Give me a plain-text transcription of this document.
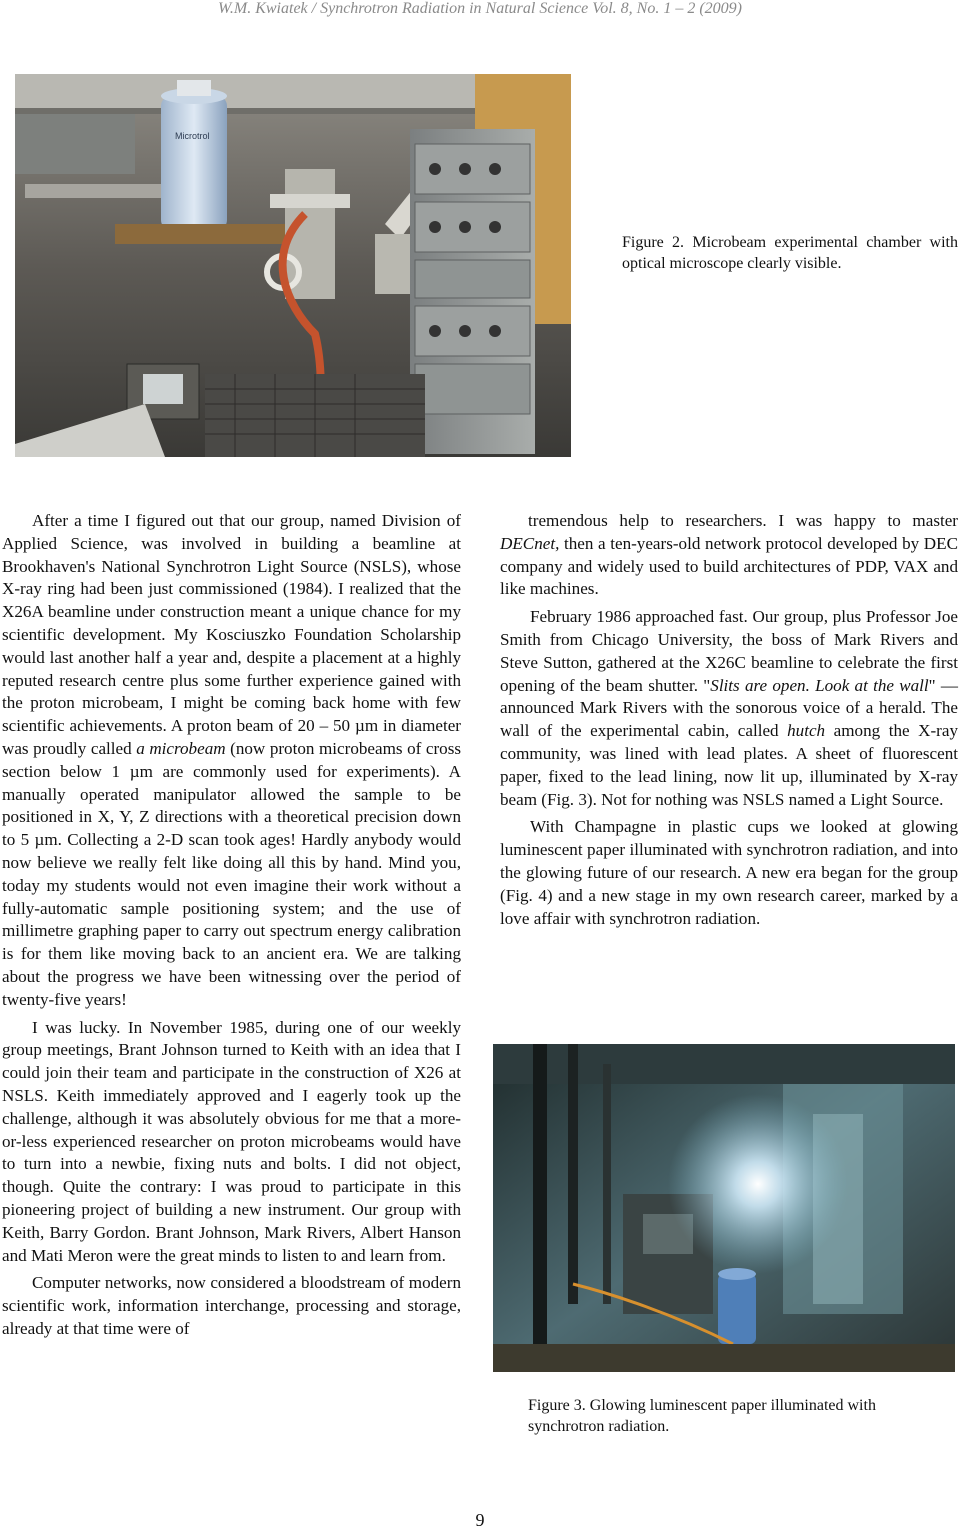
W.M. Kwiatek / Synchrotron Radiation in Natural Science Vol. 8, No. 1 – 2 (2009)
Microtrol
Figure 2. Microbeam experimental chamber with optical microscope clearly visible.

After a time I figured out that our group, named Division of Applied Science, was involved in building a beamline at Brookhaven's National Synchrotron Light Source (NSLS), whose X-ray ring had been just commissioned (1984). I realized that the X26A beamline under construction meant a unique chance for my scientific development. My Kosciuszko Foundation Scholarship would last another half a year and, despite a placement at a highly reputed research centre plus some further experience gained with the proton microbeam, I might be coming back home with few scientific achievements. A proton beam of 20 – 50 µm in diameter was proudly called a microbeam (now proton microbeams of cross section below 1 µm are commonly used for experiments). A manually operated manipulator allowed the sample to be positioned in X, Y, Z directions with a theoretical precision down to 5 µm. Collecting a 2-D scan took ages! Hardly anybody would now believe we really felt like doing all this by hand. Mind you, today my students would not even imagine their work without a fully-automatic sample positioning system; and the use of millimetre graphing paper to carry out spectrum energy calibration is for them like moving back to an ancient era. We are talking about the progress we have been witnessing over the period of twenty-five years!

I was lucky. In November 1985, during one of our weekly group meetings, Brant Johnson turned to Keith with an idea that I could join their team and participate in the construction of X26 at NSLS. Keith immediately approved and I eagerly took up the challenge, although it was absolutely obvious for me that a more-or-less experienced researcher on proton microbeams would have to turn into a newbie, fixing nuts and bolts. I did not object, though. Quite the contrary: I was proud to participate in this pioneering project of building a new instrument. Our group with Keith, Barry Gordon. Brant Johnson, Mark Rivers, Albert Hanson and Mati Meron were the great minds to listen to and learn from.

Computer networks, now considered a bloodstream of modern scientific work, information interchange, processing and storage, already at that time were of

tremendous help to researchers. I was happy to master DECnet, then a ten-years-old network protocol developed by DEC company and widely used to build architectures of PDP, VAX and like machines.

February 1986 approached fast. Our group, plus Professor Joe Smith from Chicago University, the boss of Mark Rivers and Steve Sutton, gathered at the X26C beamline to celebrate the first opening of the beam shutter. "Slits are open. Look at the wall" — announced Mark Rivers with the sonorous voice of a herald. The wall of the experimental cabin, called hutch among the X-ray community, was lined with lead plates. A sheet of fluorescent paper, fixed to the lead lining, now lit up, illuminated by X-ray beam (Fig. 3). Not for nothing was NSLS named a Light Source.

With Champagne in plastic cups we looked at glowing luminescent paper illuminated with synchrotron radiation, and into the glowing future of our research. A new era began for the group (Fig. 4) and a new stage in my own research career, marked by a love affair with synchrotron radiation.

Figure 3. Glowing luminescent paper illuminated with synchrotron radiation.
9
